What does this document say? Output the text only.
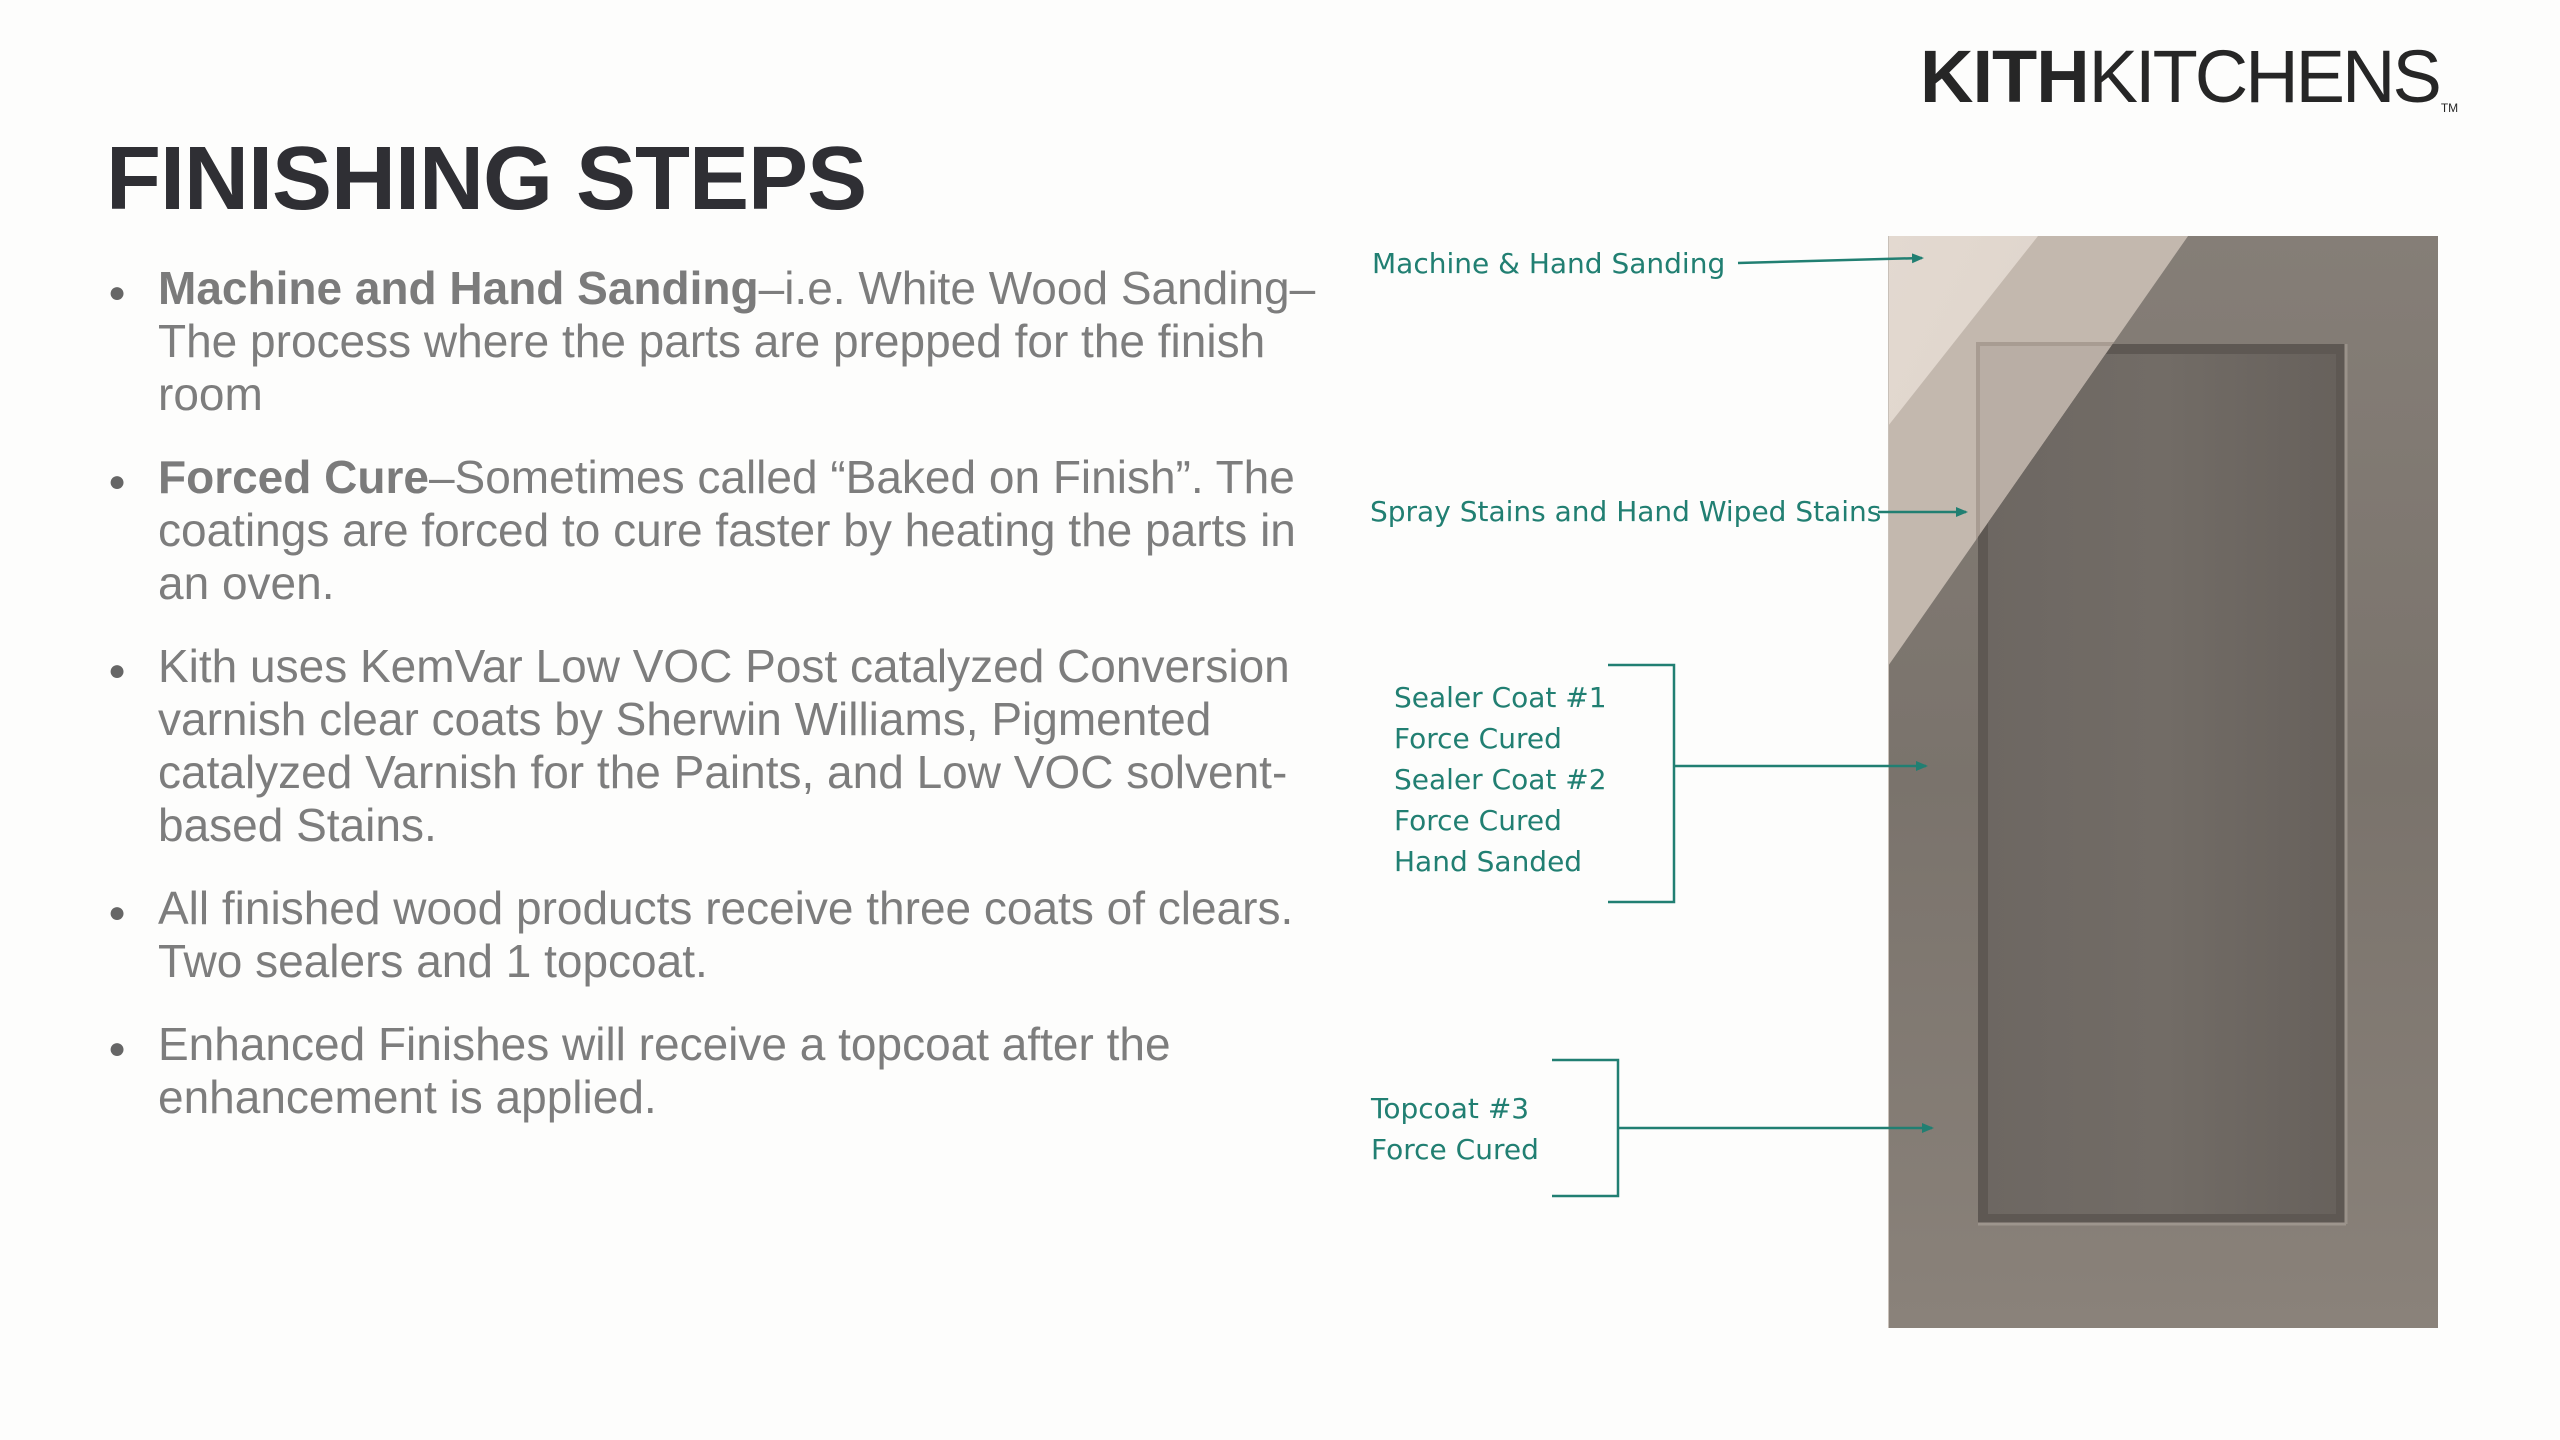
KITHKITCHENS TM
FINISHING STEPS
● Machine and Hand Sanding–i.e. White Wood Sanding–The process where the parts are prepped for the finish room
● Forced Cure–Sometimes called “Baked on Finish”. The coatings are forced to cure faster by heating the parts in an oven.
● Kith uses KemVar Low VOC Post catalyzed Conversion varnish clear coats by Sherwin Williams, Pigmented catalyzed Varnish for the Paints, and Low VOC solvent-based Stains.
● All finished wood products receive three coats of clears. Two sealers and 1 topcoat.
● Enhanced Finishes will receive a topcoat after the enhancement is applied.
Machine & Hand Sanding
Spray Stains and Hand Wiped Stains
Sealer Coat #1
Force Cured
Sealer Coat #2
Force Cured
Hand Sanded
Topcoat #3
Force Cured
